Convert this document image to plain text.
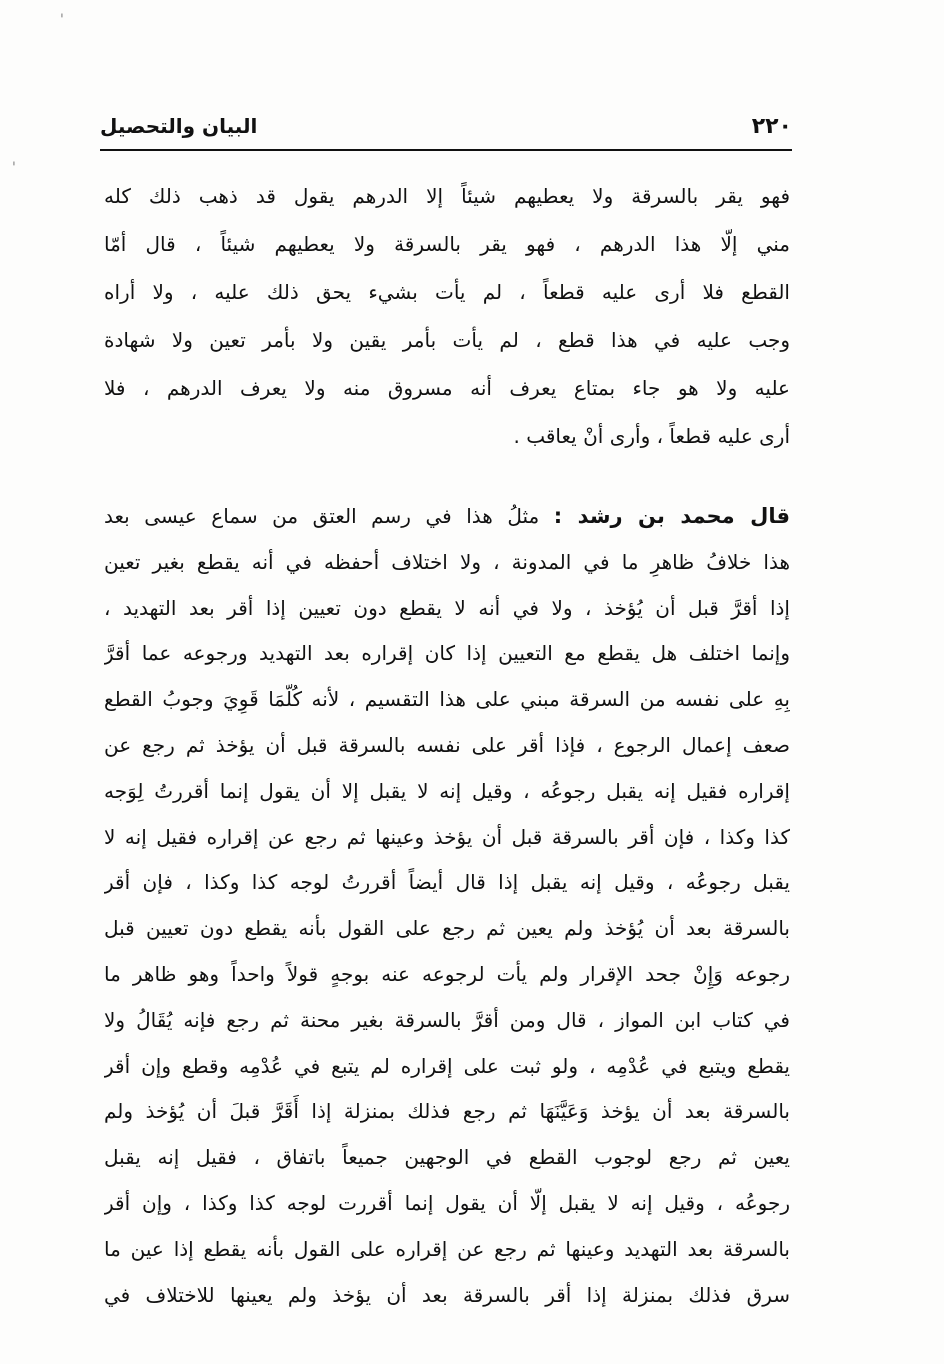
٢٢٠
البيان والتحصيل
'
'
فهو يقر بالسرقة ولا يعطيهم شيئاً إلا الدرهم يقول قد ذهب ذلك كله
مني إلّا هذا الدرهم ، فهو يقر بالسرقة ولا يعطيهم شيئاً ، قال أمّا
القطع فلا أرى عليه قطعاً ، لم يأت بشيء يحق ذلك عليه ، ولا أراه
وجب عليه في هذا قطع ، لم يأت بأمر يقين ولا بأمر تعين ولا شهادة
عليه ولا هو جاء بمتاع يعرف أنه مسروق منه ولا يعرف الدرهم ، فلا
أرى عليه قطعاً ، وأرى أنْ يعاقب .
قال محمد بن رشد : مثلُ هذا في رسم العتق من سماع عيسى بعد
هذا خلافُ ظاهرِ ما في المدونة ، ولا اختلاف أحفظه في أنه يقطع بغير تعين
إذا أقرَّ قبل أن يُؤخذ ، ولا في أنه لا يقطع دون تعيين إذا أقر بعد التهديد ،
وإنما اختلف هل يقطع مع التعيين إذا كان إقراره بعد التهديد ورجوعه عما أقرَّ
بِهِ على نفسه من السرقة مبني على هذا التقسيم ، لأنه كُلّمَا قَوِيَ وجوبُ القطع
صعف إعمال الرجوع ، فإذا أقر على نفسه بالسرقة قبل أن يؤخذ ثم رجع عن
إقراره فقيل إنه يقبل رجوعُه ، وقيل إنه لا يقبل إلا أن يقول إنما أقررتُ لِوَجه
كذا وكذا ، فإن أقر بالسرقة قبل أن يؤخذ وعينها ثم رجع عن إقراره فقيل إنه لا
يقبل رجوعُه ، وقيل إنه يقبل إذا قال أيضاً أقررتُ لوجه كذا وكذا ، فإن أقر
بالسرقة بعد أن يُؤخذ ولم يعين ثم رجع على القول بأنه يقطع دون تعيين قبل
رجوعه وَإِنْ جحد الإقرار ولم يأت لرجوعه عنه بوجهٍ قولاً واحداً وهو ظاهر ما
في كتاب ابن المواز ، قال ومن أقرَّ بالسرقة بغير محنة ثم رجع فإنه يُقَالُ ولا
يقطع ويتبع في عُدْمِه ، ولو ثبت على إقراره لم يتبع في عُدْمِه وقطع وإن أقر
بالسرقة بعد أن يؤخذ وَعَيَّنَهَا ثم رجع فذلك بمنزلة إذا أَقَرَّ قبلَ أن يُؤخذ ولم
يعين ثم رجع لوجوب القطع في الوجهين جميعاً باتفاق ، فقيل إنه يقبل
رجوعُه ، وقيل إنه لا يقبل إلّا أن يقول إنما أقررت لوجه كذا وكذا ، وإن أقر
بالسرقة بعد التهديد وعينها ثم رجع عن إقراره على القول بأنه يقطع إذا عين ما
سرق فذلك بمنزلة إذا أقر بالسرقة بعد أن يؤخذ ولم يعينها للاختلاف في
